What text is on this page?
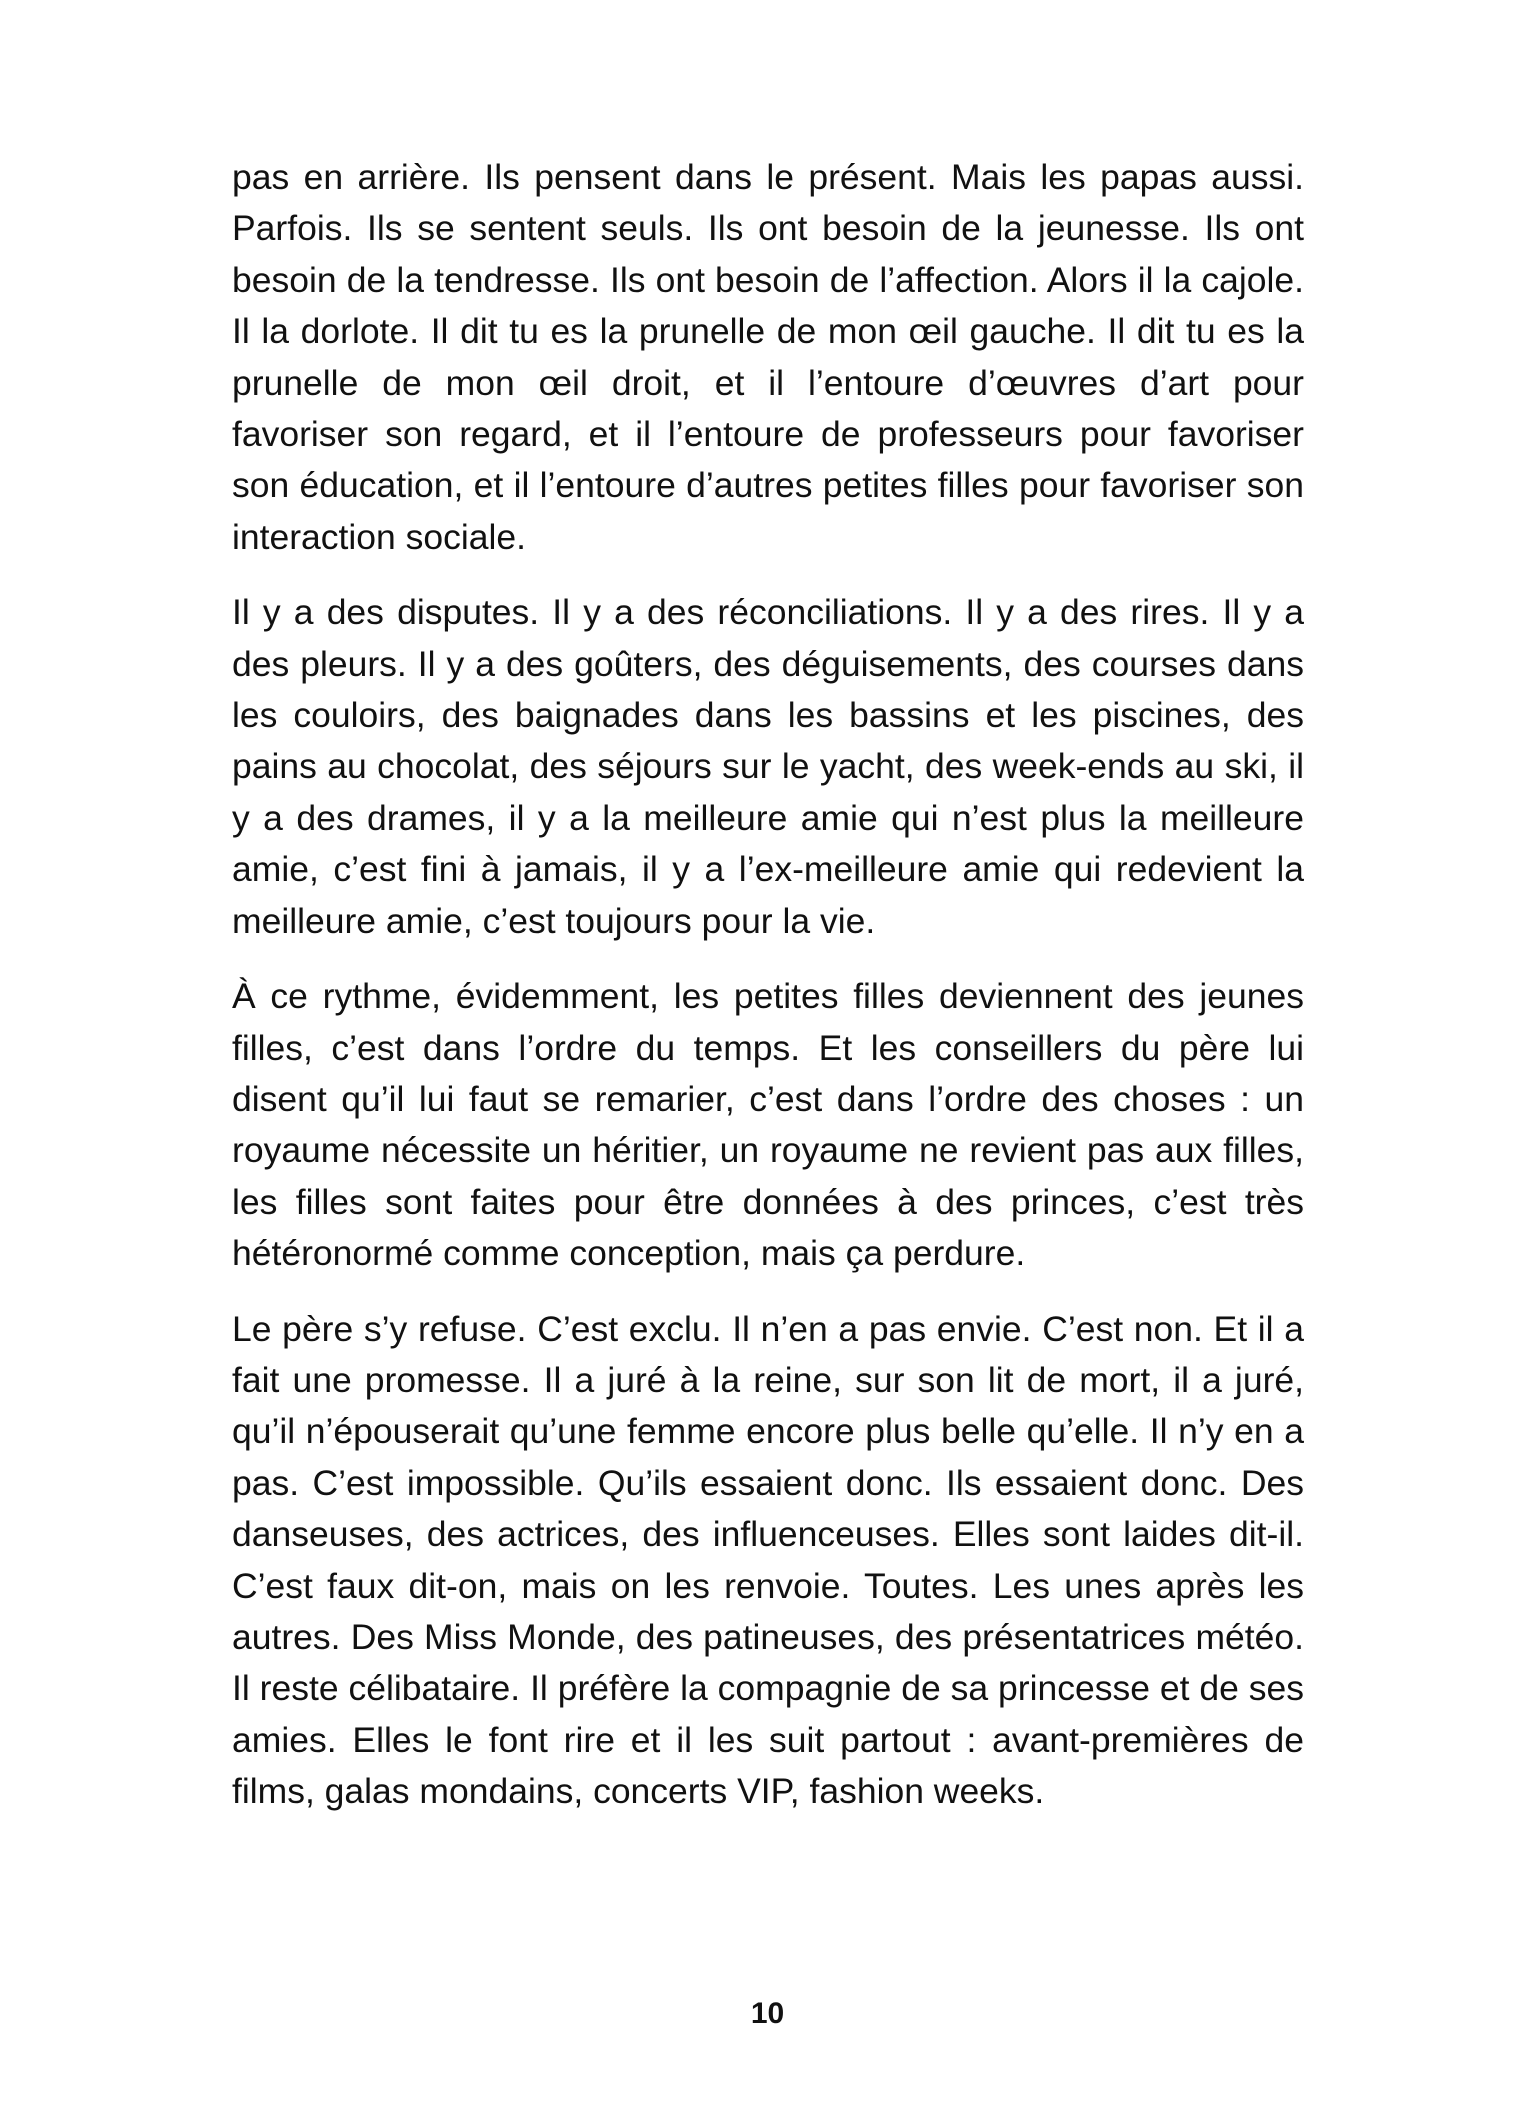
pas en arrière. Ils pensent dans le présent. Mais les papas aussi. Parfois. Ils se sentent seuls. Ils ont besoin de la jeunesse. Ils ont besoin de la tendresse. Ils ont besoin de l’affection. Alors il la cajole. Il la dorlote. Il dit tu es la prunelle de mon œil gauche. Il dit tu es la prunelle de mon œil droit, et il l’entoure d’œuvres d’art pour favoriser son regard, et il l’entoure de professeurs pour favoriser son éducation, et il l’entoure d’autres petites filles pour favoriser son interaction sociale.

Il y a des disputes. Il y a des réconciliations. Il y a des rires. Il y a des pleurs. Il y a des goûters, des déguisements, des courses dans les couloirs, des baignades dans les bassins et les piscines, des pains au chocolat, des séjours sur le yacht, des week-ends au ski, il y a des drames, il y a la meilleure amie qui n’est plus la meilleure amie, c’est fini à jamais, il y a l’ex-meilleure amie qui redevient la meilleure amie, c’est toujours pour la vie.

À ce rythme, évidemment, les petites filles deviennent des jeunes filles, c’est dans l’ordre du temps. Et les conseillers du père lui disent qu’il lui faut se remarier, c’est dans l’ordre des choses : un royaume nécessite un héritier, un royaume ne revient pas aux filles, les filles sont faites pour être données à des princes, c’est très hétéronormé comme conception, mais ça perdure.

Le père s’y refuse. C’est exclu. Il n’en a pas envie. C’est non. Et il a fait une promesse. Il a juré à la reine, sur son lit de mort, il a juré, qu’il n’épouserait qu’une femme encore plus belle qu’elle. Il n’y en a pas. C’est impossible. Qu’ils essaient donc. Ils essaient donc. Des danseuses, des actrices, des influenceuses. Elles sont laides dit-il. C’est faux dit-on, mais on les renvoie. Toutes. Les unes après les autres. Des Miss Monde, des patineuses, des présentatrices météo. Il reste célibataire. Il préfère la compagnie de sa princesse et de ses amies. Elles le font rire et il les suit partout : avant-premières de films, galas mondains, concerts VIP, fashion weeks.

10
